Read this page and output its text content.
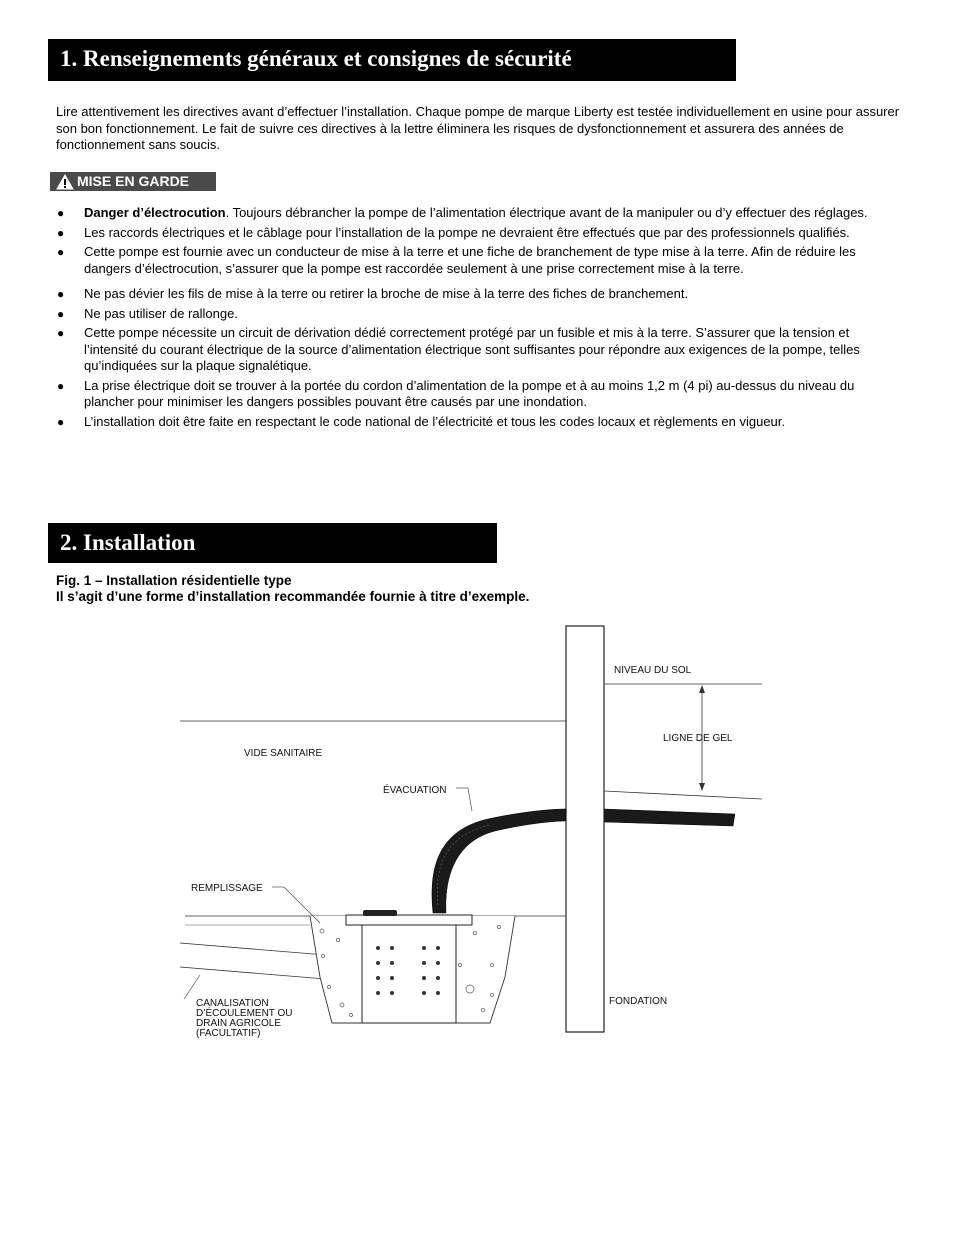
1. Renseignements généraux et consignes de sécurité
Lire attentivement les directives avant d’effectuer l’installation. Chaque pompe de marque Liberty est testée individuellement en usine pour assurer son bon fonctionnement. Le fait de suivre ces directives à la lettre éliminera les risques de dysfonctionnement et assurera des années de fonctionnement sans soucis.
MISE EN GARDE
● Danger d’électrocution. Toujours débrancher la pompe de l’alimentation électrique avant de la manipuler ou d’y effectuer des réglages.
● Les raccords électriques et le câblage pour l’installation de la pompe ne devraient être effectués que par des professionnels qualifiés.
● Cette pompe est fournie avec un conducteur de mise à la terre et une fiche de branchement de type mise à la terre. Afin de réduire les dangers d’électrocution, s’assurer que la pompe est raccordée seulement à une prise correctement mise à la terre.
● Ne pas dévier les fils de mise à la terre ou retirer la broche de mise à la terre des fiches de branchement.
● Ne pas utiliser de rallonge.
● Cette pompe nécessite un circuit de dérivation dédié correctement protégé par un fusible et mis à la terre. S’assurer que la tension et l’intensité du courant électrique de la source d’alimentation électrique sont suffisantes pour répondre aux exigences de la pompe, telles qu’indiquées sur la plaque signalétique.
● La prise électrique doit se trouver à la portée du cordon d’alimentation de la pompe et à au moins 1,2 m (4 pi) au-dessus du niveau du plancher pour minimiser les dangers possibles pouvant être causés par une inondation.
● L’installation doit être faite en respectant le code national de l’électricité et tous les codes locaux et règlements en vigueur.
2. Installation
Fig. 1 – Installation résidentielle type
Il s’agit d’une forme d’installation recommandée fournie à titre d’exemple.
NIVEAU DU SOL
LIGNE DE GEL
VIDE SANITAIRE
ÉVACUATION
REMPLISSAGE
CANALISATION
D’ÉCOULEMENT OU
DRAIN AGRICOLE
(FACULTATIF)
FONDATION
